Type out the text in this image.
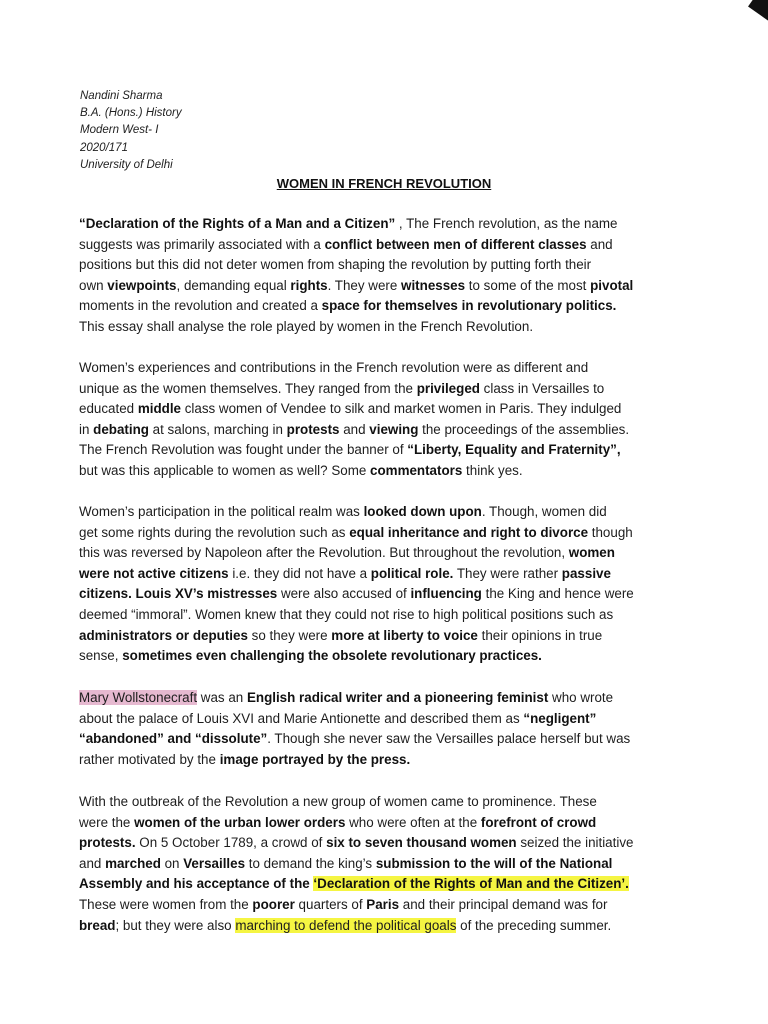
Nandini Sharma
B.A. (Hons.) History
Modern West- I
2020/171
University of Delhi
WOMEN IN FRENCH REVOLUTION
“Declaration of the Rights of a Man and a Citizen” , The French revolution, as the name
suggests was primarily associated with a conflict between men of different classes and
positions but this did not deter women from shaping the revolution by putting forth their
own viewpoints, demanding equal rights. They were witnesses to some of the most pivotal
moments in the revolution and created a space for themselves in revolutionary politics.
This essay shall analyse the role played by women in the French Revolution.
Women’s experiences and contributions in the French revolution were as different and
unique as the women themselves. They ranged from the privileged class in Versailles to
educated middle class women of Vendee to silk and market women in Paris. They indulged
in debating at salons, marching in protests and viewing the proceedings of the assemblies.
The French Revolution was fought under the banner of “Liberty, Equality and Fraternity”,
but was this applicable to women as well? Some commentators think yes.
Women’s participation in the political realm was looked down upon. Though, women did
get some rights during the revolution such as equal inheritance and right to divorce though
this was reversed by Napoleon after the Revolution. But throughout the revolution, women
were not active citizens i.e. they did not have a political role. They were rather passive
citizens. Louis XV’s mistresses were also accused of influencing the King and hence were
deemed “immoral”. Women knew that they could not rise to high political positions such as
administrators or deputies so they were more at liberty to voice their opinions in true
sense, sometimes even challenging the obsolete revolutionary practices.
Mary Wollstonecraft was an English radical writer and a pioneering feminist who wrote
about the palace of Louis XVI and Marie Antionette and described them as “negligent”
“abandoned” and “dissolute”. Though she never saw the Versailles palace herself but was
rather motivated by the image portrayed by the press.
With the outbreak of the Revolution a new group of women came to prominence. These
were the women of the urban lower orders who were often at the forefront of crowd
protests. On 5 October 1789, a crowd of six to seven thousand women seized the initiative
and marched on Versailles to demand the king’s submission to the will of the National
Assembly and his acceptance of the ‘Declaration of the Rights of Man and the Citizen’.
These were women from the poorer quarters of Paris and their principal demand was for
bread; but they were also marching to defend the political goals of the preceding summer.
